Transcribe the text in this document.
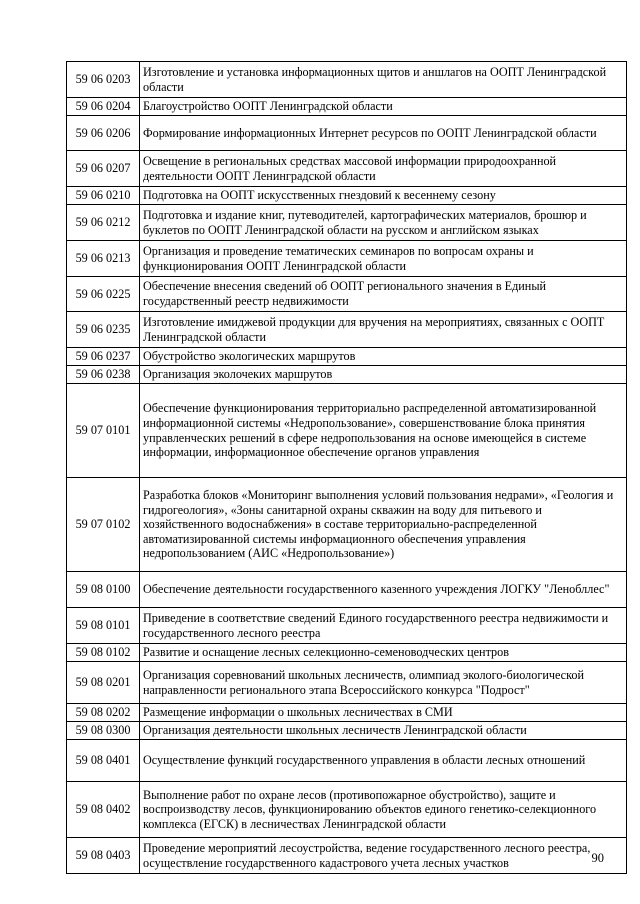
59 06 0203	Изготовление и установка информационных щитов и аншлагов на ООПТ Ленинградской области
59 06 0204	Благоустройство ООПТ Ленинградской области
59 06 0206	Формирование информационных Интернет ресурсов по ООПТ Ленинградской области
59 06 0207	Освещение в региональных средствах массовой информации природоохранной деятельности ООПТ Ленинградской области
59 06 0210	Подготовка на ООПТ искусственных гнездовий к весеннему сезону
59 06 0212	Подготовка и издание книг, путеводителей, картографических материалов, брошюр и буклетов по ООПТ Ленинградской области на русском и английском языках
59 06 0213	Организация и проведение тематических семинаров по вопросам охраны и функционирования ООПТ Ленинградской области
59 06 0225	Обеспечение внесения сведений об ООПТ регионального значения в Единый государственный реестр недвижимости
59 06 0235	Изготовление имиджевой продукции для вручения на мероприятиях, связанных с ООПТ Ленинградской области
59 06 0237	Обустройство экологических маршрутов
59 06 0238	Организация эколочеких маршрутов
59 07 0101	Обеспечение функционирования территориально распределенной автоматизированной информационной системы «Недропользование», совершенствование блока принятия управленческих решений в сфере недропользования на основе имеющейся в системе информации, информационное обеспечение органов управления
59 07 0102	Разработка блоков «Мониторинг выполнения условий пользования недрами», «Геология и гидрогеология», «Зоны санитарной охраны скважин на воду для питьевого и хозяйственного водоснабжения» в составе территориально-распределенной автоматизированной системы информационного обеспечения управления недропользованием (АИС «Недропользование»)
59 08 0100	Обеспечение деятельности государственного казенного учреждения ЛОГКУ "Ленобллес"
59 08 0101	Приведение в соответствие сведений Единого государственного реестра недвижимости и государственного лесного реестра
59 08 0102	Развитие и оснащение лесных селекционно-семеноводческих центров
59 08 0201	Организация соревнований школьных лесничеств, олимпиад эколого-биологической направленности регионального этапа Всероссийского конкурса "Подрост"
59 08 0202	Размещение информации о школьных лесничествах в СМИ
59 08 0300	Организация деятельности школьных лесничеств Ленинградской области
59 08 0401	Осуществление функций государственного управления в области лесных отношений
59 08 0402	Выполнение работ по охране лесов (противопожарное обустройство), защите и воспроизводству лесов, функционированию объектов единого генетико-селекционного комплекса (ЕГСК) в лесничествах Ленинградской области
59 08 0403	Проведение мероприятий лесоустройства, ведение государственного лесного реестра, осуществление государственного кадастрового учета лесных участков	90
